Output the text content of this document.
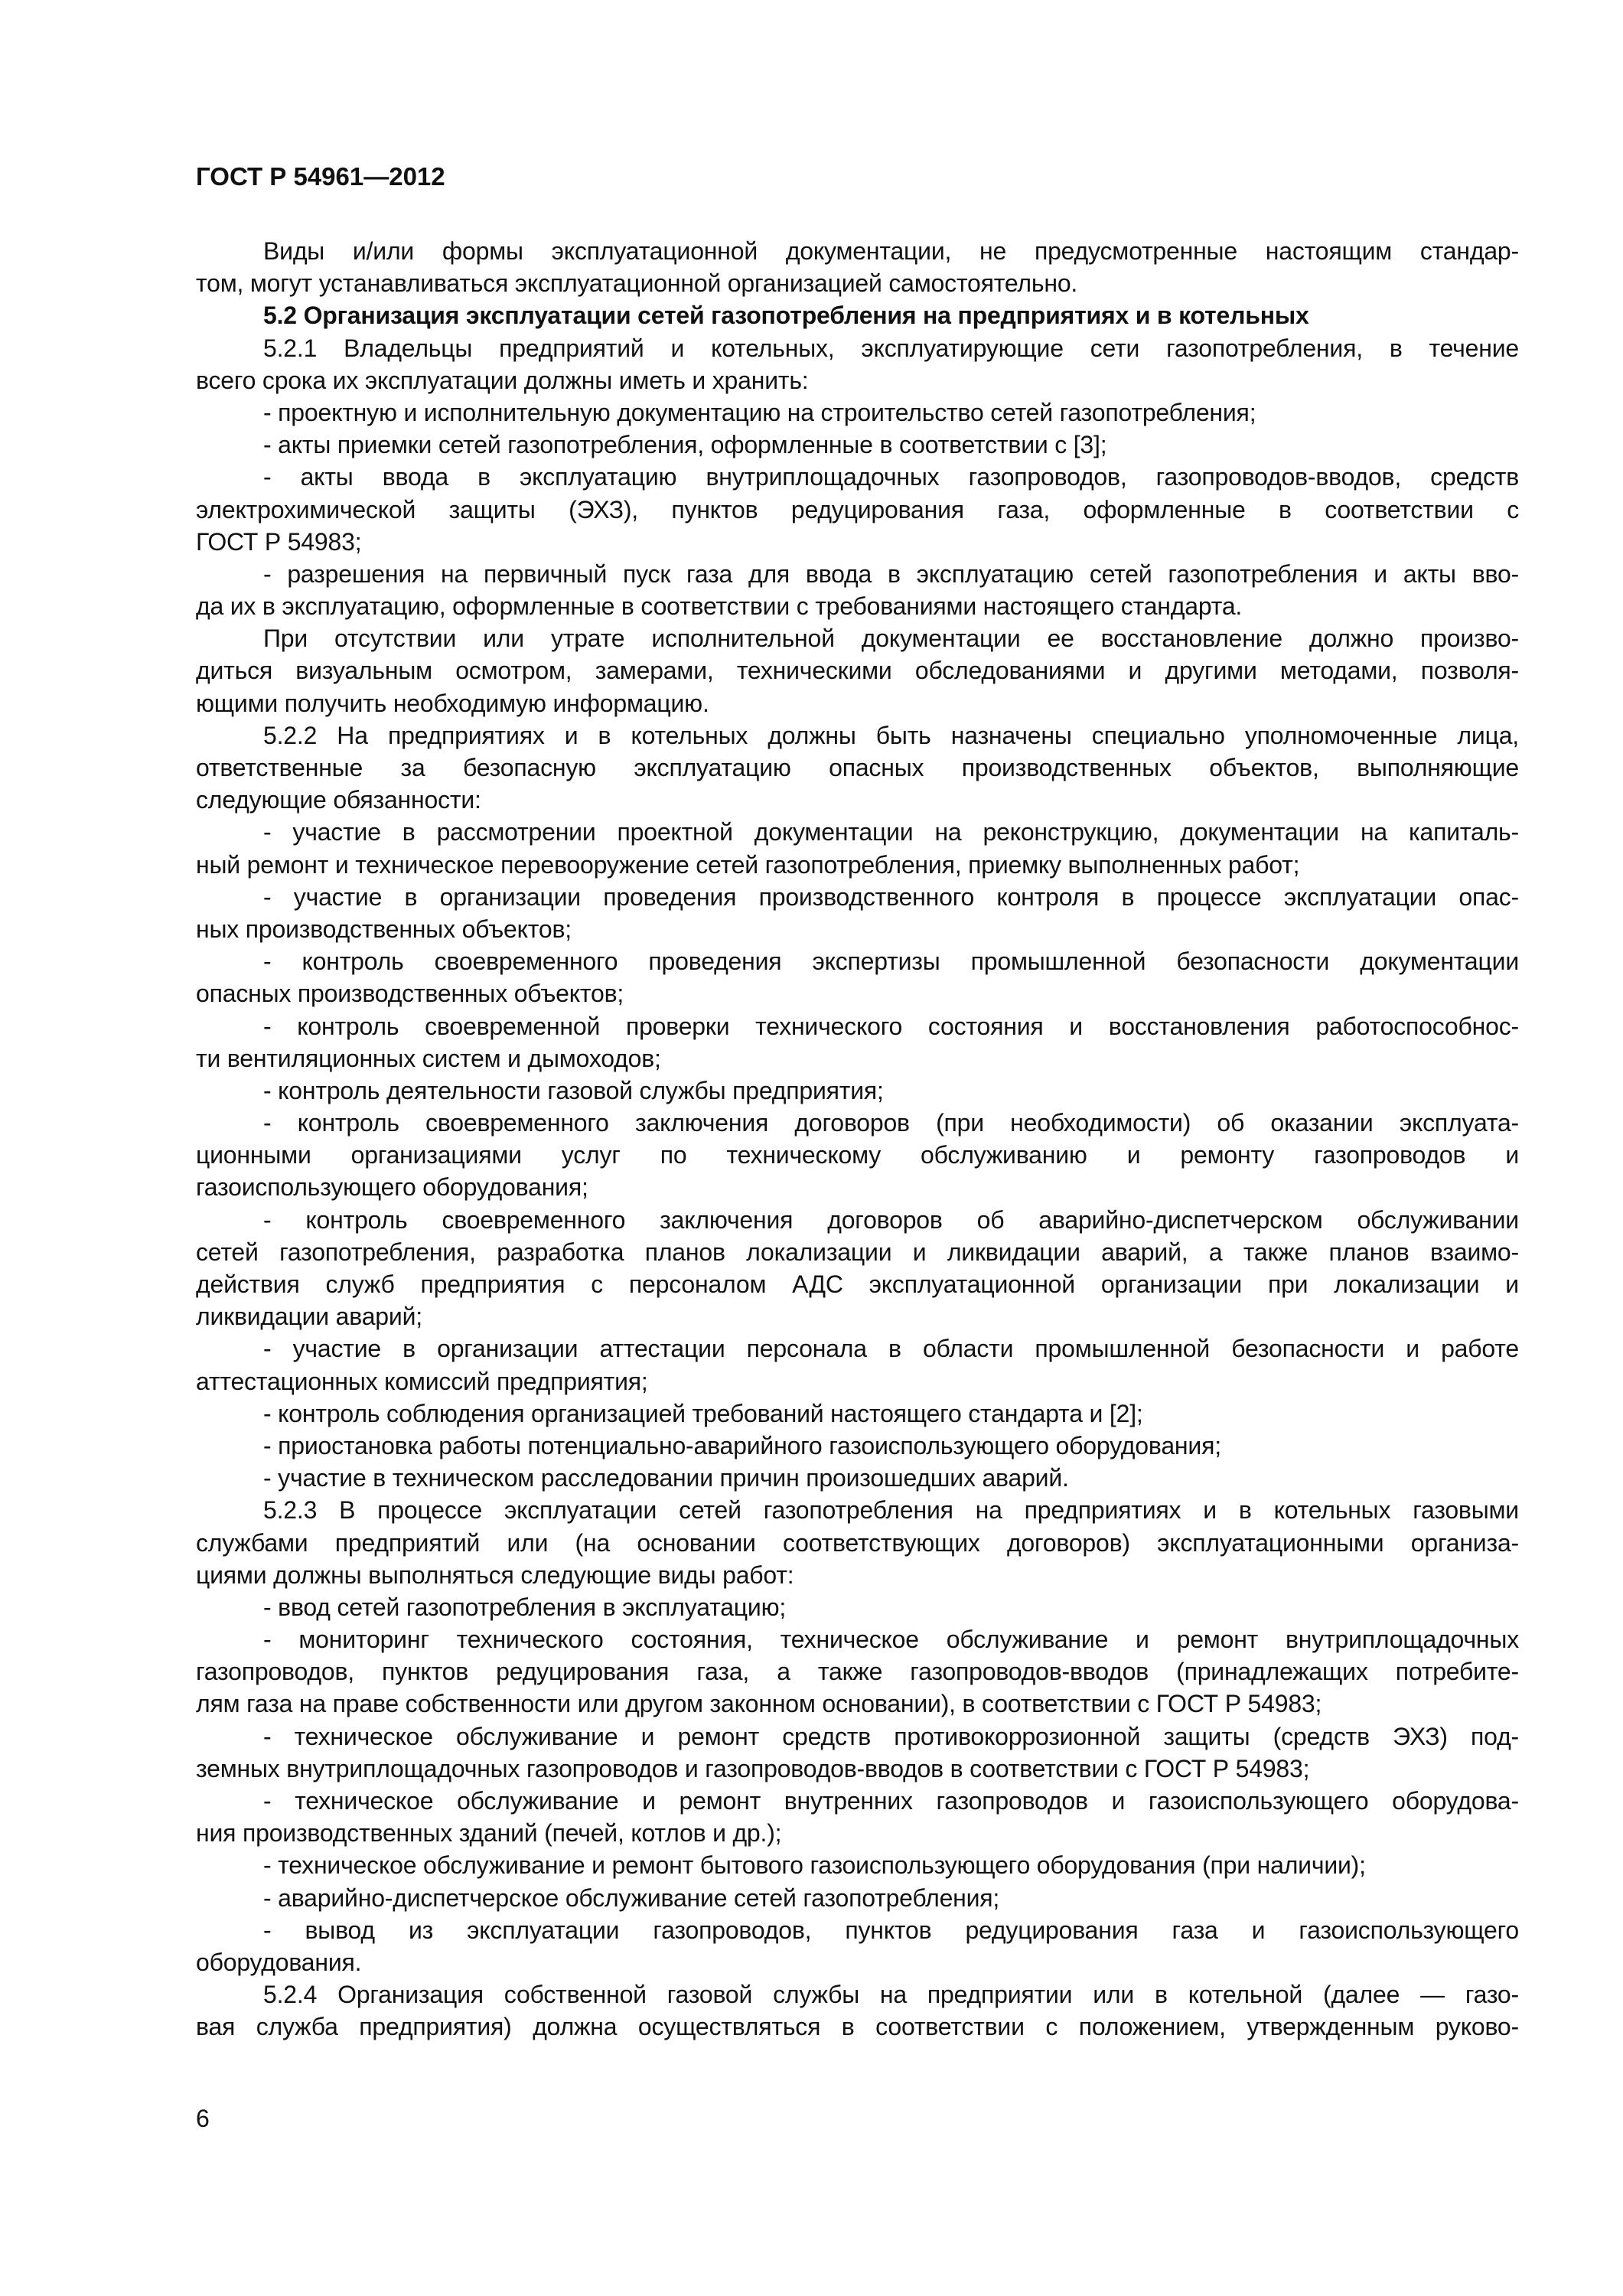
ГОСТ Р 54961—2012
Виды и/или формы эксплуатационной документации, не предусмотренные настоящим стандар-
том, могут устанавливаться эксплуатационной организацией самостоятельно.
5.2 Организация эксплуатации сетей газопотребления на предприятиях и в котельных
5.2.1 Владельцы предприятий и котельных, эксплуатирующие сети газопотребления, в течение
всего срока их эксплуатации должны иметь и хранить:
- проектную и исполнительную документацию на строительство сетей газопотребления;
- акты приемки сетей газопотребления, оформленные в соответствии с [3];
- акты ввода в эксплуатацию внутриплощадочных газопроводов, газопроводов-вводов, средств
электрохимической защиты (ЭХЗ), пунктов редуцирования газа, оформленные в соответствии с
ГОСТ Р 54983;
- разрешения на первичный пуск газа для ввода в эксплуатацию сетей газопотребления и акты вво-
да их в эксплуатацию, оформленные в соответствии с требованиями настоящего стандарта.
При отсутствии или утрате исполнительной документации ее восстановление должно произво-
диться визуальным осмотром, замерами, техническими обследованиями и другими методами, позволя-
ющими получить необходимую информацию.
5.2.2 На предприятиях и в котельных должны быть назначены специально уполномоченные лица,
ответственные за безопасную эксплуатацию опасных производственных объектов, выполняющие
следующие обязанности:
- участие в рассмотрении проектной документации на реконструкцию, документации на капиталь-
ный ремонт и техническое перевооружение сетей газопотребления, приемку выполненных работ;
- участие в организации проведения производственного контроля в процессе эксплуатации опас-
ных производственных объектов;
- контроль своевременного проведения экспертизы промышленной безопасности документации
опасных производственных объектов;
- контроль своевременной проверки технического состояния и восстановления работоспособнос-
ти вентиляционных систем и дымоходов;
- контроль деятельности газовой службы предприятия;
- контроль своевременного заключения договоров (при необходимости) об оказании эксплуата-
ционными организациями услуг по техническому обслуживанию и ремонту газопроводов и
газоиспользующего оборудования;
- контроль своевременного заключения договоров об аварийно-диспетчерском обслуживании
сетей газопотребления, разработка планов локализации и ликвидации аварий, а также планов взаимо-
действия служб предприятия с персоналом АДС эксплуатационной организации при локализации и
ликвидации аварий;
- участие в организации аттестации персонала в области промышленной безопасности и работе
аттестационных комиссий предприятия;
- контроль соблюдения организацией требований настоящего стандарта и [2];
- приостановка работы потенциально-аварийного газоиспользующего оборудования;
- участие в техническом расследовании причин произошедших аварий.
5.2.3 В процессе эксплуатации сетей газопотребления на предприятиях и в котельных газовыми
службами предприятий или (на основании соответствующих договоров) эксплуатационными организа-
циями должны выполняться следующие виды работ:
- ввод сетей газопотребления в эксплуатацию;
- мониторинг технического состояния, техническое обслуживание и ремонт внутриплощадочных
газопроводов, пунктов редуцирования газа, а также газопроводов-вводов (принадлежащих потребите-
лям газа на праве собственности или другом законном основании), в соответствии с ГОСТ Р 54983;
- техническое обслуживание и ремонт средств противокоррозионной защиты (средств ЭХЗ) под-
земных внутриплощадочных газопроводов и газопроводов-вводов в соответствии с ГОСТ Р 54983;
- техническое обслуживание и ремонт внутренних газопроводов и газоиспользующего оборудова-
ния производственных зданий (печей, котлов и др.);
- техническое обслуживание и ремонт бытового газоиспользующего оборудования (при наличии);
- аварийно-диспетчерское обслуживание сетей газопотребления;
- вывод из эксплуатации газопроводов, пунктов редуцирования газа и газоиспользующего
оборудования.
5.2.4 Организация собственной газовой службы на предприятии или в котельной (далее — газо-
вая служба предприятия) должна осуществляться в соответствии с положением, утвержденным руково-
6
